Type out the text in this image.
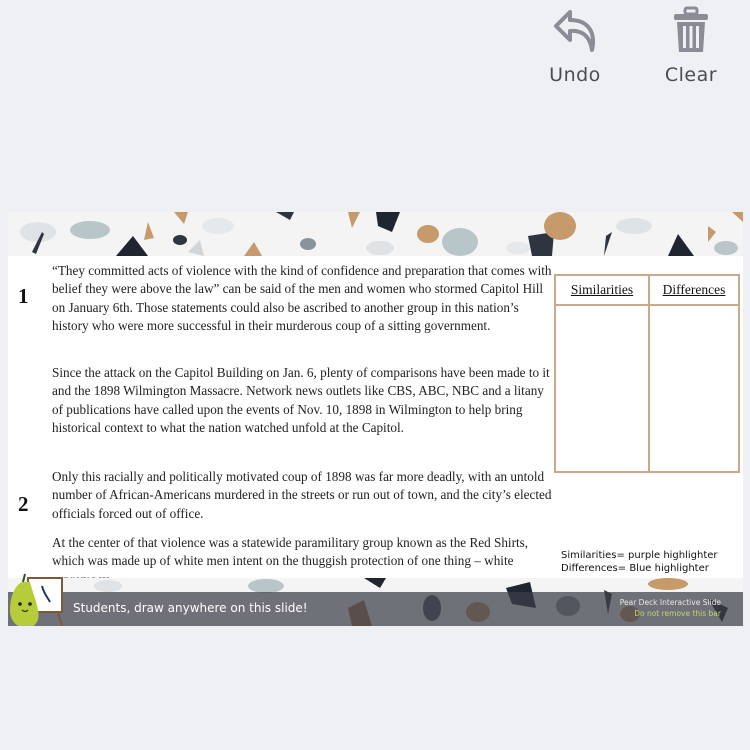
Undo	Clear
1
2

“They committed acts of violence with the kind of confidence and preparation that comes with belief they were above the law” can be said of the men and women who stormed Capitol Hill on January 6th. Those statements could also be ascribed to another group in this nation’s history who were more successful in their murderous coup of a sitting government.

Since the attack on the Capitol Building on Jan. 6, plenty of comparisons have been made to it and the 1898 Wilmington Massacre. Network news outlets like CBS, ABC, NBC and a litany of publications have called upon the events of Nov. 10, 1898 in Wilmington to help bring historical context to what the nation watched unfold at the Capitol.

Only this racially and politically motivated coup of 1898 was far more deadly, with an untold number of African-Americans murdered in the streets or run out of town, and the city’s elected officials forced out of office.

At the center of that violence was a statewide paramilitary group known as the Red Shirts, which was made up of white men intent on the thuggish protection of one thing – white

Similarities	Differences
Similarities= purple highlighter
Differences= Blue highlighter
Students, draw anywhere on this slide!	Pear Deck Interactive Slide
Do not remove this bar
